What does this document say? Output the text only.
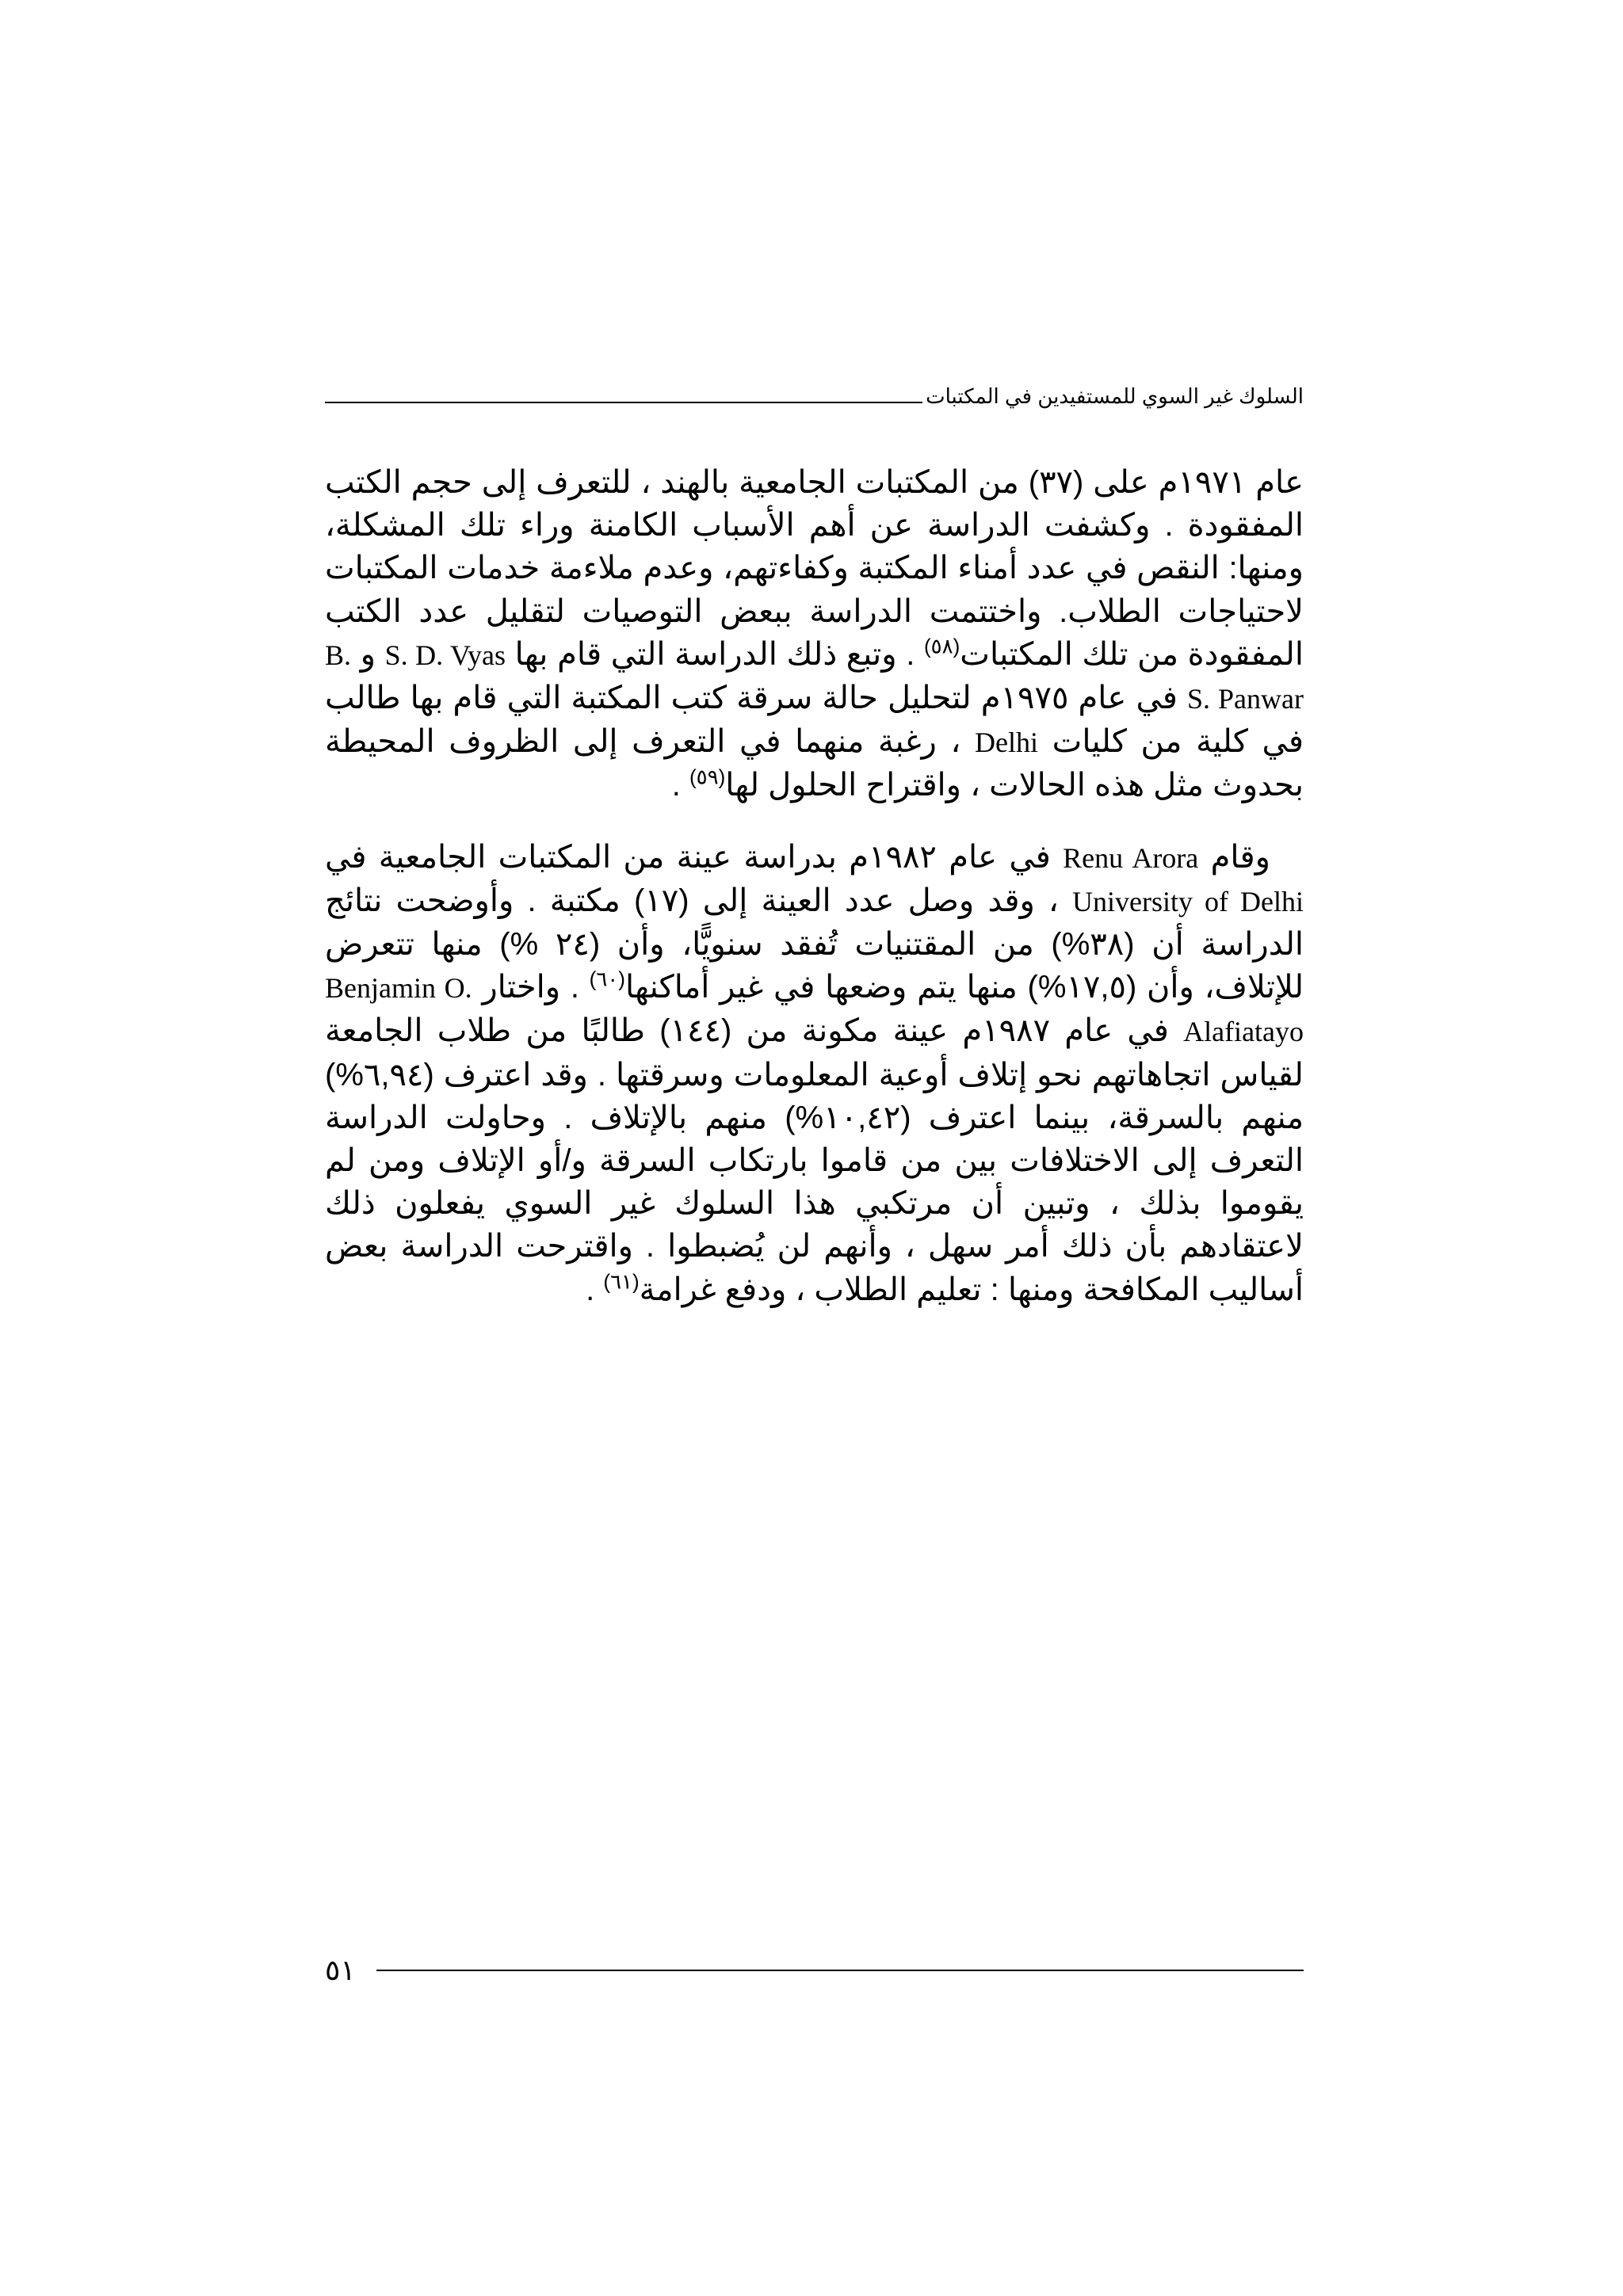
السلوك غير السوي للمستفيدين في المكتبات

عام ١٩٧١م على (٣٧) من المكتبات الجامعية بالهند ، للتعرف إلى حجم الكتب المفقودة . وكشفت الدراسة عن أهم الأسباب الكامنة وراء تلك المشكلة، ومنها: النقص في عدد أمناء المكتبة وكفاءتهم، وعدم ملاءمة خدمات المكتبات لاحتياجات الطلاب. واختتمت الدراسة ببعض التوصيات لتقليل عدد الكتب المفقودة من تلك المكتبات$^{(٥٨)}$ . وتبع ذلك الدراسة التي قام بها S. D. Vyas و B. S. Panwar في عام ١٩٧٥م لتحليل حالة سرقة كتب المكتبة التي قام بها طالب في كلية من كليات Delhi ، رغبة منهما في التعرف إلى الظروف المحيطة بحدوث مثل هذه الحالات ، واقتراح الحلول لها$^{(٥٩)}$ .

وقام Renu Arora في عام ١٩٨٢م بدراسة عينة من المكتبات الجامعية في University of Delhi ، وقد وصل عدد العينة إلى (١٧) مكتبة . وأوضحت نتائج الدراسة أن (٣٨%) من المقتنيات تُفقد سنويًّا، وأن (٢٤ %) منها تتعرض للإتلاف، وأن (١٧,٥%) منها يتم وضعها في غير أماكنها$^{(٦٠)}$ . واختار Benjamin O. Alafiatayo في عام ١٩٨٧م عينة مكونة من (١٤٤) طالبًا من طلاب الجامعة لقياس اتجاهاتهم نحو إتلاف أوعية المعلومات وسرقتها . وقد اعترف (٦,٩٤%) منهم بالسرقة، بينما اعترف (١٠,٤٢%) منهم بالإتلاف . وحاولت الدراسة التعرف إلى الاختلافات بين من قاموا بارتكاب السرقة و/أو الإتلاف ومن لم يقوموا بذلك ، وتبين أن مرتكبي هذا السلوك غير السوي يفعلون ذلك لاعتقادهم بأن ذلك أمر سهل ، وأنهم لن يُضبطوا . واقترحت الدراسة بعض أساليب المكافحة ومنها : تعليم الطلاب ، ودفع غرامة$^{(٦١)}$ .

٥١
